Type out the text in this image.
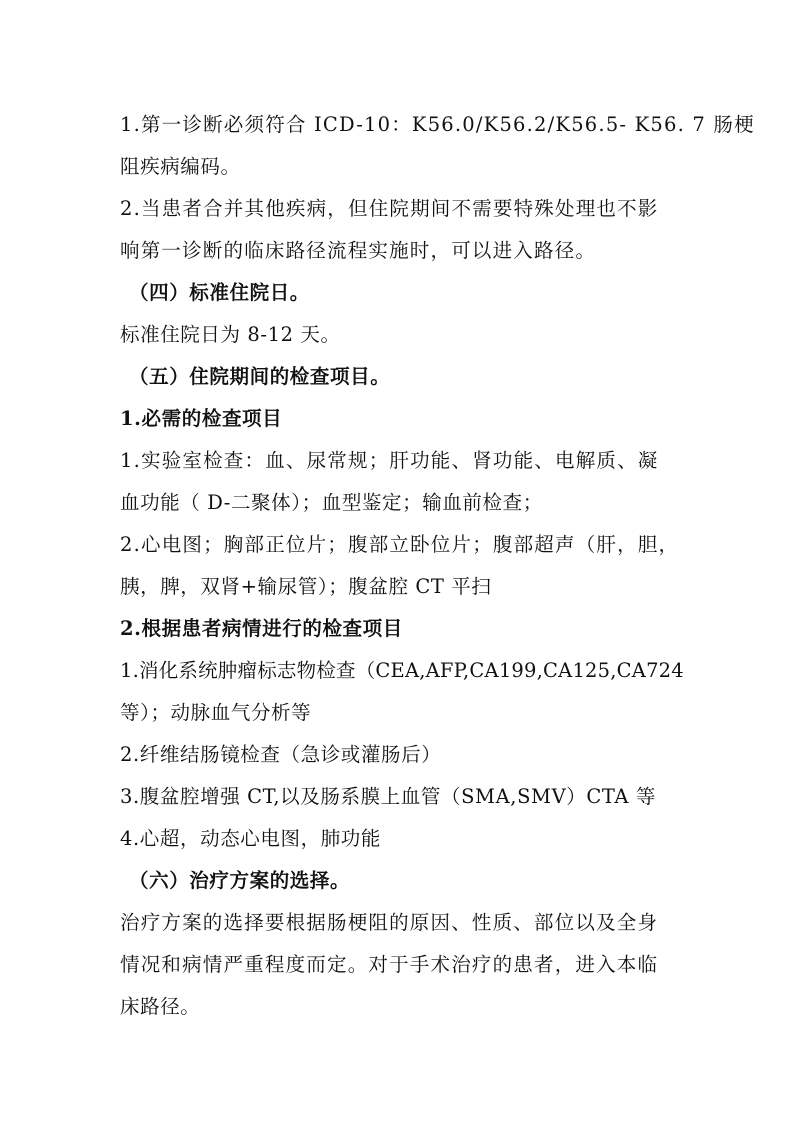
1.第一诊断必须符合 ICD-10：K56.0/K56.2/K56.5- K56. 7 肠梗
阻疾病编码。
2.当患者合并其他疾病，但住院期间不需要特殊处理也不影
响第一诊断的临床路径流程实施时，可以进入路径。
（四）标准住院日。
标准住院日为 8-12 天。
（五）住院期间的检查项目。
1.必需的检查项目
1.实验室检查：血、尿常规；肝功能、肾功能、电解质、凝
血功能（ D-二聚体）；血型鉴定；输血前检查；
2.心电图；胸部正位片；腹部立卧位片；腹部超声（肝，胆，
胰，脾，双肾+输尿管）；腹盆腔 CT 平扫
2.根据患者病情进行的检查项目
1.消化系统肿瘤标志物检查（CEA,AFP,CA199,CA125,CA724
等）；动脉血气分析等
2.纤维结肠镜检查（急诊或灌肠后）
3.腹盆腔增强 CT,以及肠系膜上血管（SMA,SMV）CTA 等
4.心超，动态心电图，肺功能
（六）治疗方案的选择。
治疗方案的选择要根据肠梗阻的原因、性质、部位以及全身
情况和病情严重程度而定。对于手术治疗的患者，进入本临
床路径。
